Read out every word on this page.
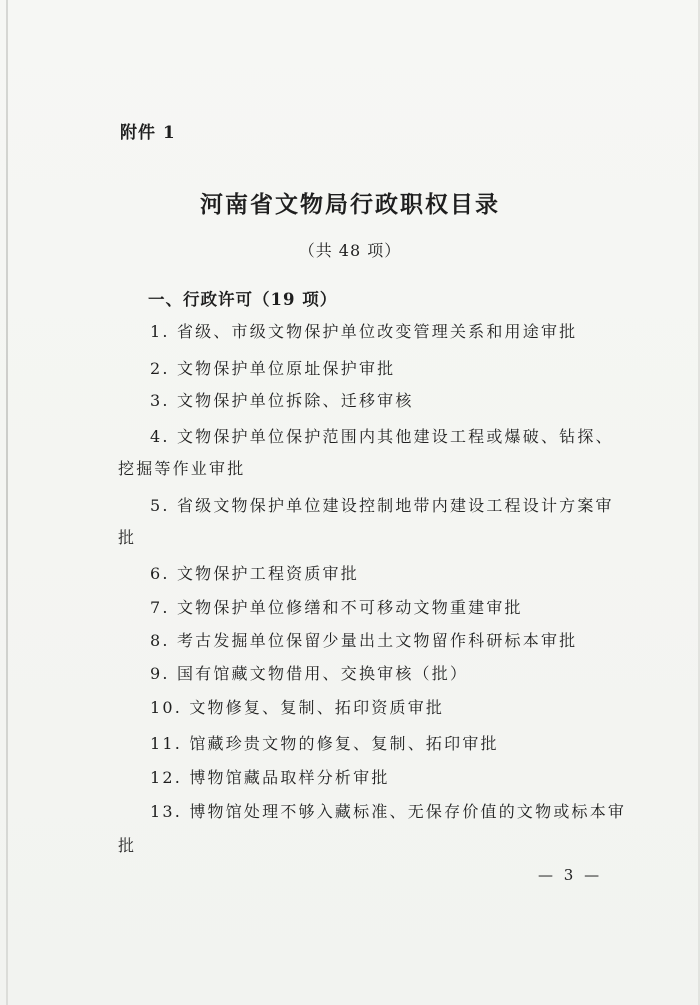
附件 1
河南省文物局行政职权目录
（共 48 项）
一、行政许可（19 项）
1. 省级、市级文物保护单位改变管理关系和用途审批
2. 文物保护单位原址保护审批
3. 文物保护单位拆除、迁移审核
4. 文物保护单位保护范围内其他建设工程或爆破、钻探、
挖掘等作业审批
5. 省级文物保护单位建设控制地带内建设工程设计方案审
批
6. 文物保护工程资质审批
7. 文物保护单位修缮和不可移动文物重建审批
8. 考古发掘单位保留少量出土文物留作科研标本审批
9. 国有馆藏文物借用、交换审核（批）
10. 文物修复、复制、拓印资质审批
11. 馆藏珍贵文物的修复、复制、拓印审批
12. 博物馆藏品取样分析审批
13. 博物馆处理不够入藏标准、无保存价值的文物或标本审
批
— 3 —
